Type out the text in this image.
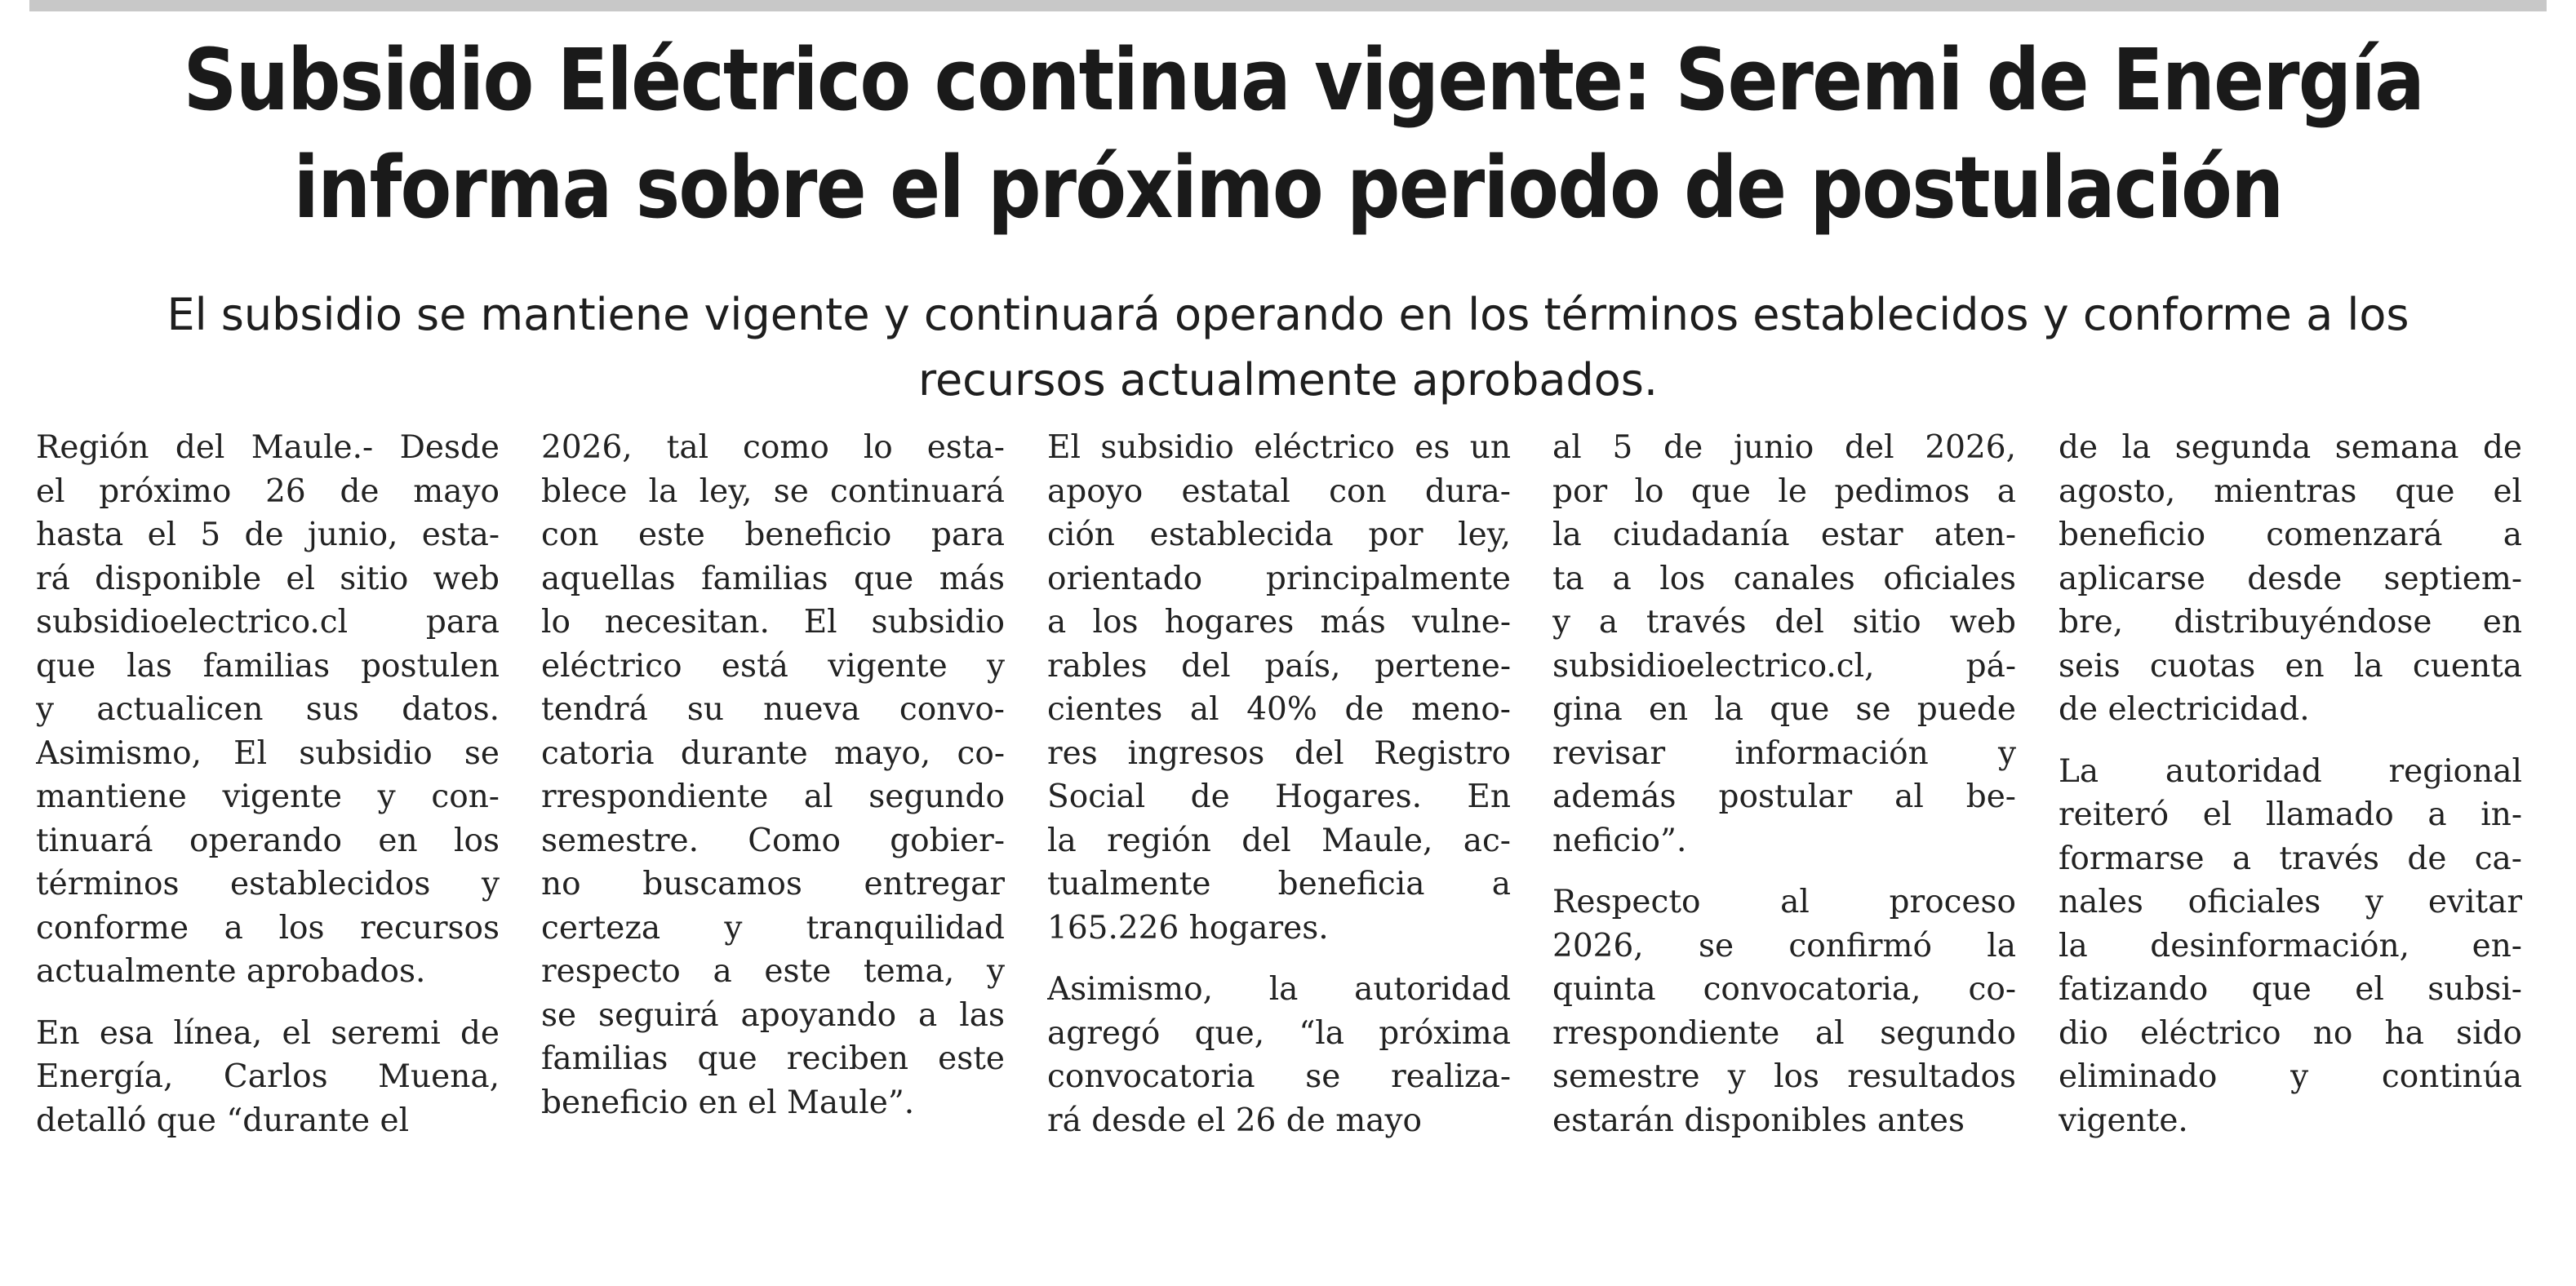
Subsidio Eléctrico continua vigente: Seremi de Energía
informa sobre el próximo periodo de postulación
El subsidio se mantiene vigente y continuará operando en los términos establecidos y conforme a los
recursos actualmente aprobados.
Región del Maule.- Desde
el próximo 26 de mayo
hasta el 5 de junio, esta-
rá disponible el sitio web
subsidioelectrico.cl para
que las familias postulen
y actualicen sus datos.
Asimismo, El subsidio se
mantiene vigente y con-
tinuará operando en los
términos establecidos y
conforme a los recursos
actualmente aprobados.
En esa línea, el seremi de
Energía, Carlos Muena,
detalló que “durante el
2026, tal como lo esta-
blece la ley, se continuará
con este beneficio para
aquellas familias que más
lo necesitan. El subsidio
eléctrico está vigente y
tendrá su nueva convo-
catoria durante mayo, co-
rrespondiente al segundo
semestre. Como gobier-
no buscamos entregar
certeza y tranquilidad
respecto a este tema, y
se seguirá apoyando a las
familias que reciben este
beneficio en el Maule”.
El subsidio eléctrico es un
apoyo estatal con dura-
ción establecida por ley,
orientado principalmente
a los hogares más vulne-
rables del país, pertene-
cientes al 40% de meno-
res ingresos del Registro
Social de Hogares. En
la región del Maule, ac-
tualmente beneficia a
165.226 hogares.
Asimismo, la autoridad
agregó que, “la próxima
convocatoria se realiza-
rá desde el 26 de mayo
al 5 de junio del 2026,
por lo que le pedimos a
la ciudadanía estar aten-
ta a los canales oficiales
y a través del sitio web
subsidioelectrico.cl, pá-
gina en la que se puede
revisar información y
además postular al be-
neficio”.
Respecto al proceso
2026, se confirmó la
quinta convocatoria, co-
rrespondiente al segundo
semestre y los resultados
estarán disponibles antes
de la segunda semana de
agosto, mientras que el
beneficio comenzará a
aplicarse desde septiem-
bre, distribuyéndose en
seis cuotas en la cuenta
de electricidad.
La autoridad regional
reiteró el llamado a in-
formarse a través de ca-
nales oficiales y evitar
la desinformación, en-
fatizando que el subsi-
dio eléctrico no ha sido
eliminado y continúa
vigente.
